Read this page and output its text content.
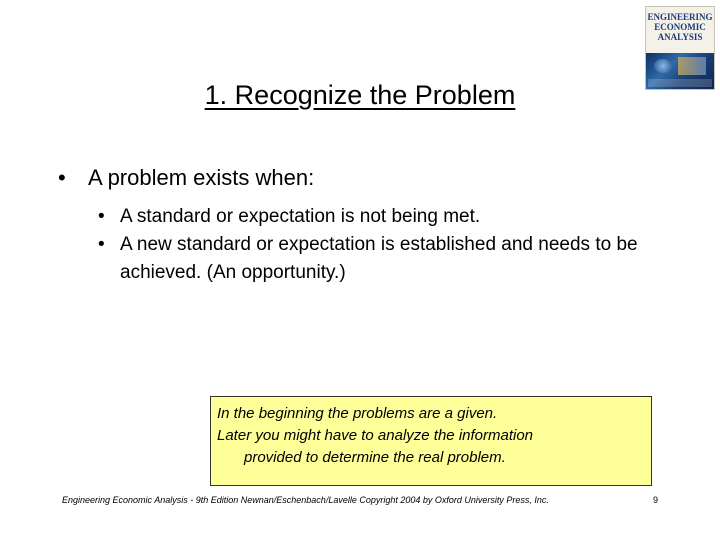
ENGINEERING
ECONOMIC
ANALYSIS
1. Recognize the Problem
• A problem exists when:
• A standard or expectation is not being met.
• A new standard or expectation is established and needs to be achieved. (An opportunity.)
In the beginning the problems are a given.
Later you might have to analyze the information
provided to determine the real problem.
Engineering Economic Analysis - 9th Edition Newnan/Eschenbach/Lavelle Copyright 2004 by Oxford University Press, Inc.	9
